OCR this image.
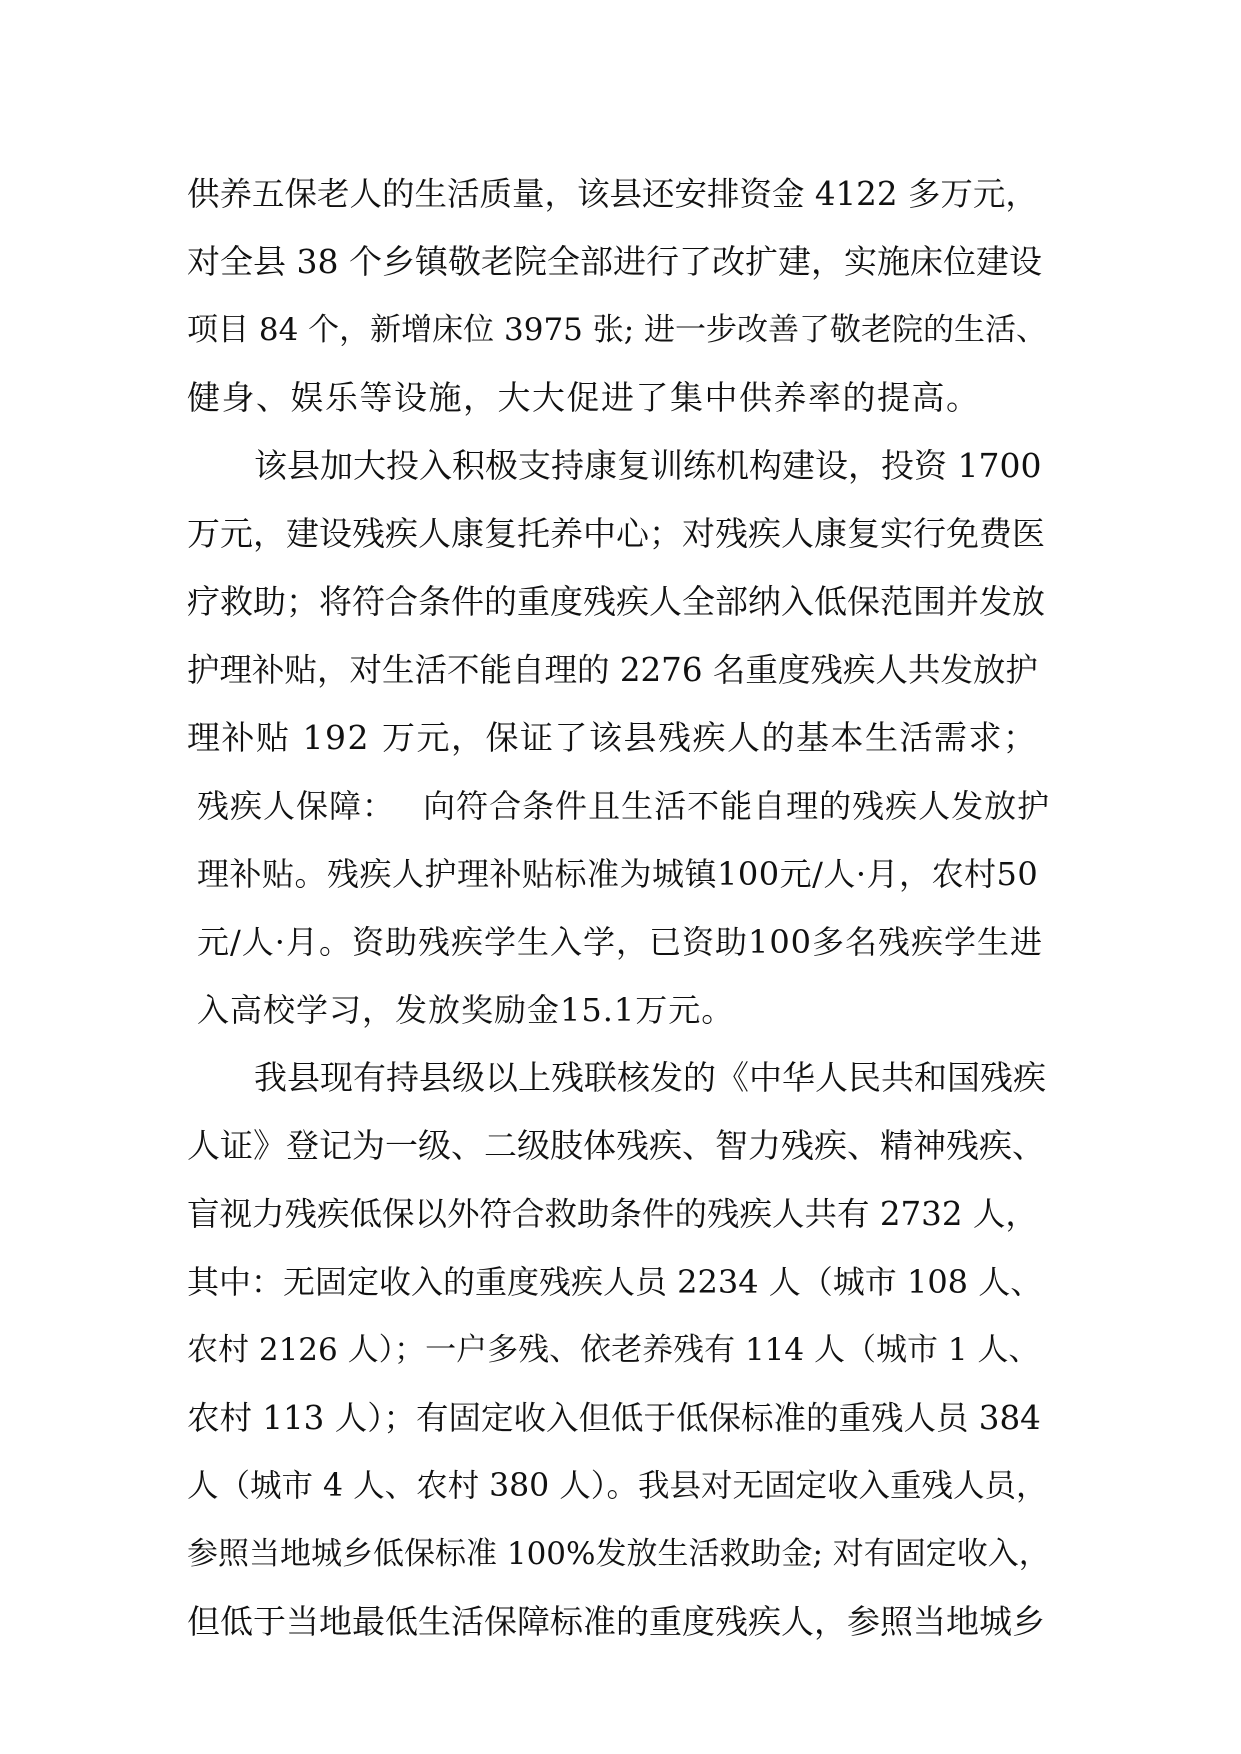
供养五保老人的生活质量，该县还安排资金 4122 多万元，
对全县 38 个乡镇敬老院全部进行了改扩建，实施床位建设
项目 84 个，新增床位 3975 张; 进一步改善了敬老院的生活、
健身、娱乐等设施，大大促进了集中供养率的提高。
该县加大投入积极支持康复训练机构建设，投资 1700
万元，建设残疾人康复托养中心；对残疾人康复实行免费医
疗救助；将符合条件的重度残疾人全部纳入低保范围并发放
护理补贴，对生活不能自理的 2276 名重度残疾人共发放护
理补贴 192 万元，保证了该县残疾人的基本生活需求；
残疾人保障：　 向符合条件且生活不能自理的残疾人发放护
理补贴。残疾人护理补贴标准为城镇100元/人·月，农村50
元/人·月。资助残疾学生入学，已资助100多名残疾学生进
入高校学习，发放奖励金15.1万元。
我县现有持县级以上残联核发的《中华人民共和国残疾
人证》登记为一级、二级肢体残疾、智力残疾、精神残疾、
盲视力残疾低保以外符合救助条件的残疾人共有 2732 人，
其中：无固定收入的重度残疾人员 2234 人（城市 108 人、
农村 2126 人）；一户多残、依老养残有 114 人（城市 1 人、
农村 113 人）；有固定收入但低于低保标准的重残人员 384
人（城市 4 人、农村 380 人）。我县对无固定收入重残人员，
参照当地城乡低保标准 100%发放生活救助金; 对有固定收入，
但低于当地最低生活保障标准的重度残疾人，参照当地城乡
